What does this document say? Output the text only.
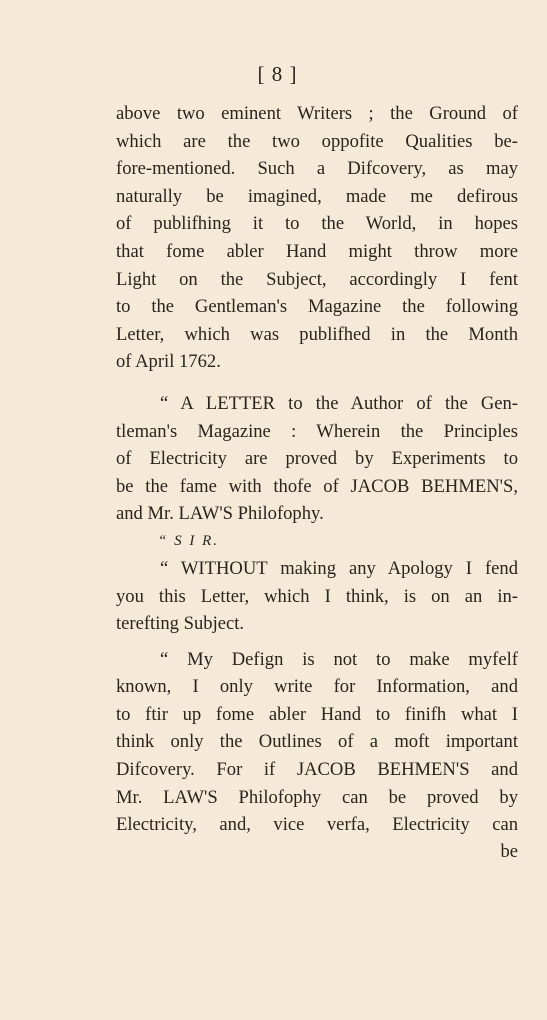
[ 8 ]
above two eminent Writers ; the Ground of
which are the two oppofite Qualities be-
fore-mentioned. Such a Difcovery, as may
naturally be imagined, made me defirous
of publifhing it to the World, in hopes
that fome abler Hand might throw more
Light on the Subject, accordingly I fent
to the Gentleman's Magazine the following
Letter, which was publifhed in the Month
of April 1762.
“ A LETTER to the Author of the Gen-
tleman's Magazine : Wherein the Principles
of Electricity are proved by Experiments to
be the fame with thofe of JACOB BEHMEN'S,
and Mr. LAW'S Philofophy.
“ S I R.
“ WITHOUT making any Apology I fend
you this Letter, which I think, is on an in-
terefting Subject.
“ My Defign is not to make myfelf
known, I only write for Information, and
to ftir up fome abler Hand to finifh what I
think only the Outlines of a moft important
Difcovery. For if JACOB BEHMEN'S and
Mr. LAW'S Philofophy can be proved by
Electricity, and, vice verfa, Electricity can
be
